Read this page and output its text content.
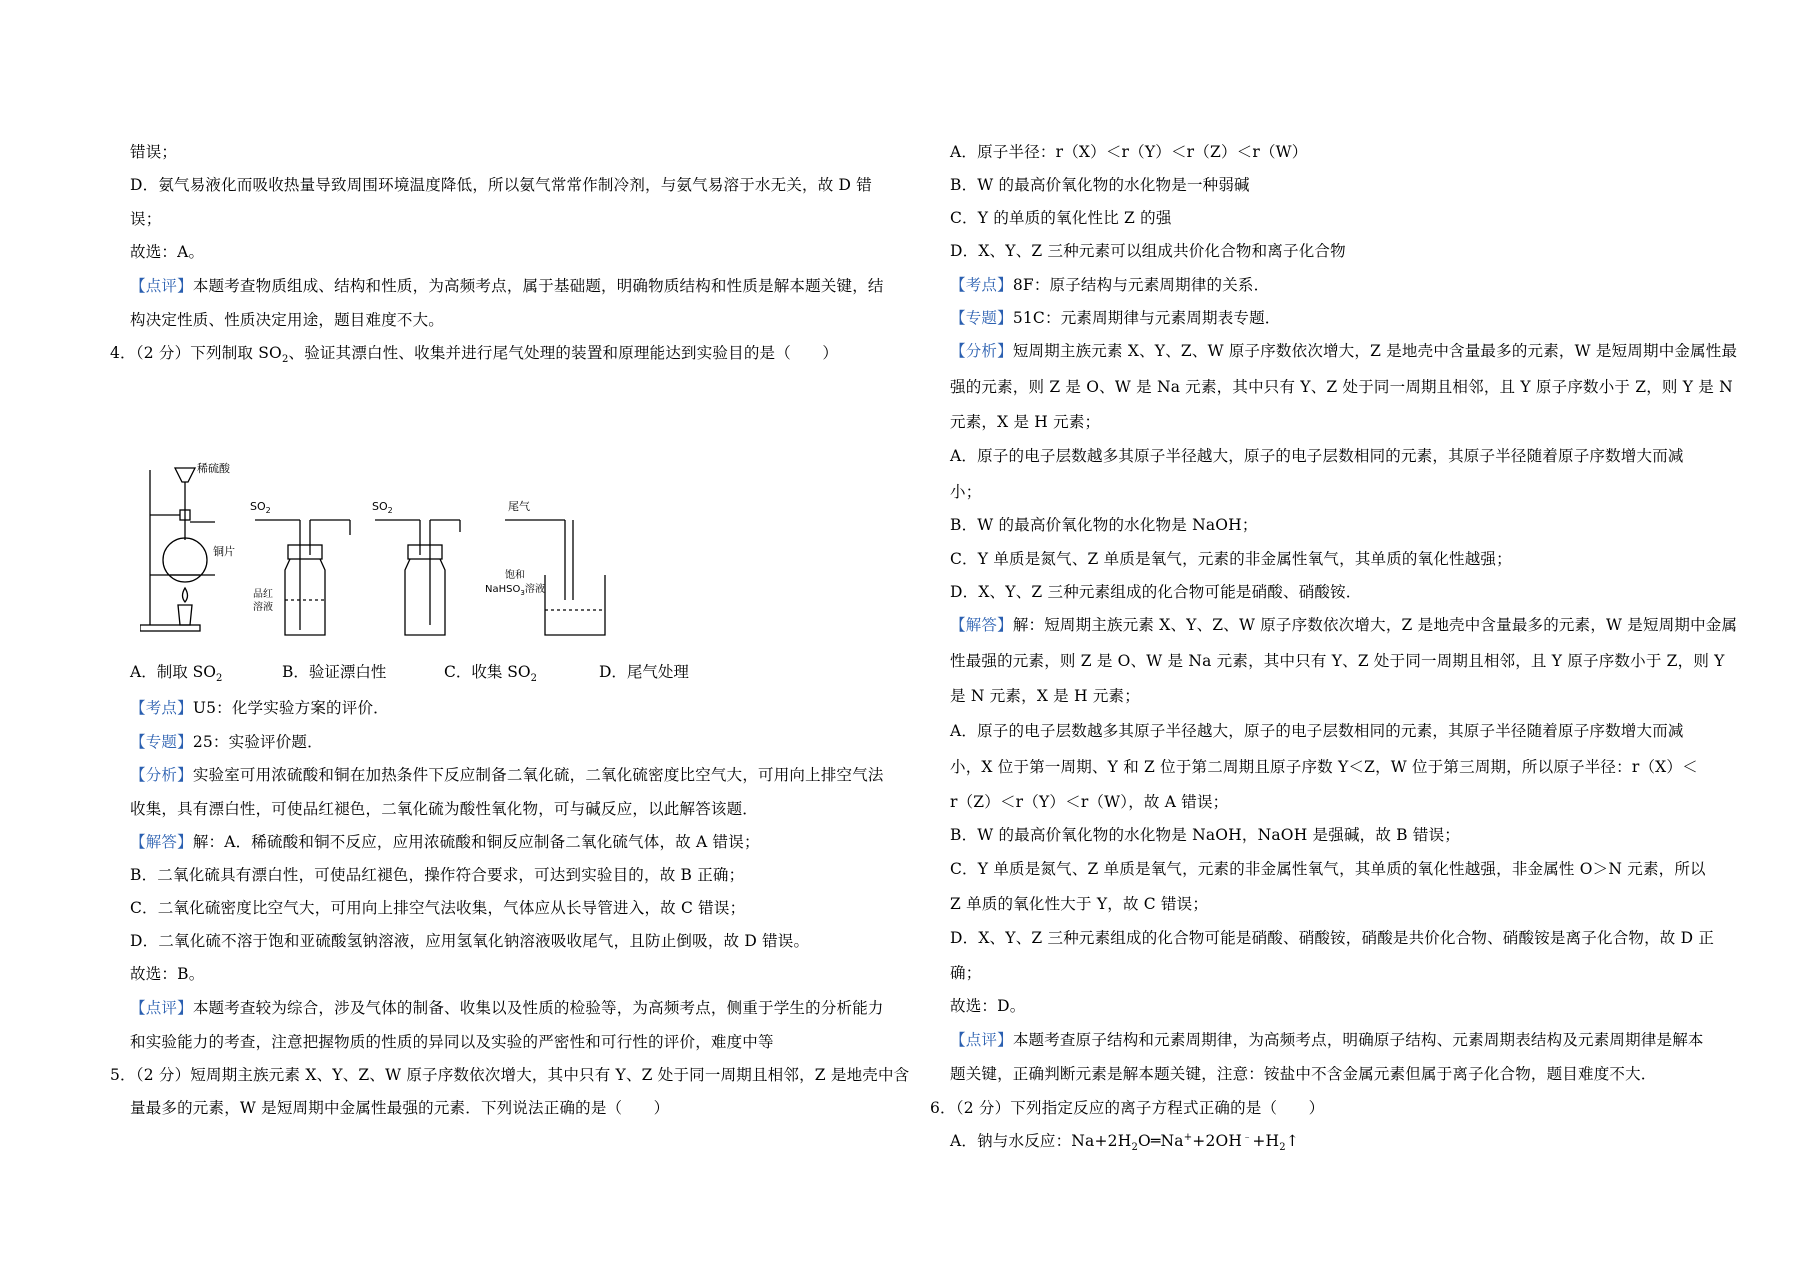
错误；
D．氨气易液化而吸收热量导致周围环境温度降低，所以氨气常常作制冷剂，与氨气易溶于水无关，故 D 错
误；
故选：A。
【点评】本题考查物质组成、结构和性质，为高频考点，属于基础题，明确物质结构和性质是解本题关键，结
构决定性质、性质决定用途，题目难度不大。
4．（2 分）下列制取 $SO_2$、验证其漂白性、收集并进行尾气处理的装置和原理能达到实验目的是（　　）
稀硫酸
铜片
$SO_2$
品红
溶液
$SO_2$	尾气
饱和
NaHSO$_3$溶液
A．制取 $SO_2$	B．验证漂白性	C．收集 $SO_2$	D．尾气处理
【考点】U5：化学实验方案的评价．
【专题】25：实验评价题．
【分析】实验室可用浓硫酸和铜在加热条件下反应制备二氧化硫，二氧化硫密度比空气大，可用向上排空气法
收集，具有漂白性，可使品红褪色，二氧化硫为酸性氧化物，可与碱反应，以此解答该题．
【解答】解：A．稀硫酸和铜不反应，应用浓硫酸和铜反应制备二氧化硫气体，故 A 错误；
B．二氧化硫具有漂白性，可使品红褪色，操作符合要求，可达到实验目的，故 B 正确；
C．二氧化硫密度比空气大，可用向上排空气法收集，气体应从长导管进入，故 C 错误；
D．二氧化硫不溶于饱和亚硫酸氢钠溶液，应用氢氧化钠溶液吸收尾气，且防止倒吸，故 D 错误。
故选：B。
【点评】本题考查较为综合，涉及气体的制备、收集以及性质的检验等，为高频考点，侧重于学生的分析能力
和实验能力的考查，注意把握物质的性质的异同以及实验的严密性和可行性的评价，难度中等
5．（2 分）短周期主族元素 X、Y、Z、W 原子序数依次增大，其中只有 Y、Z 处于同一周期且相邻，Z 是地壳中含
量最多的元素，W 是短周期中金属性最强的元素．下列说法正确的是（　　）
A．原子半径：r（X）＜r（Y）＜r（Z）＜r（W）
B．W 的最高价氧化物的水化物是一种弱碱
C．Y 的单质的氧化性比 Z 的强
D．X、Y、Z 三种元素可以组成共价化合物和离子化合物
【考点】8F：原子结构与元素周期律的关系．
【专题】51C：元素周期律与元素周期表专题．
【分析】短周期主族元素 X、Y、Z、W 原子序数依次增大，Z 是地壳中含量最多的元素，W 是短周期中金属性最
强的元素，则 Z 是 O、W 是 Na 元素，其中只有 Y、Z 处于同一周期且相邻，且 Y 原子序数小于 Z，则 Y 是 N
元素，X 是 H 元素；
A．原子的电子层数越多其原子半径越大，原子的电子层数相同的元素，其原子半径随着原子序数增大而减
小；
B．W 的最高价氧化物的水化物是 NaOH；
C．Y 单质是氮气、Z 单质是氧气，元素的非金属性氧气，其单质的氧化性越强；
D．X、Y、Z 三种元素组成的化合物可能是硝酸、硝酸铵．
【解答】解：短周期主族元素 X、Y、Z、W 原子序数依次增大，Z 是地壳中含量最多的元素，W 是短周期中金属
性最强的元素，则 Z 是 O、W 是 Na 元素，其中只有 Y、Z 处于同一周期且相邻，且 Y 原子序数小于 Z，则 Y
是 N 元素，X 是 H 元素；
A．原子的电子层数越多其原子半径越大，原子的电子层数相同的元素，其原子半径随着原子序数增大而减
小，X 位于第一周期、Y 和 Z 位于第二周期且原子序数 Y＜Z，W 位于第三周期，所以原子半径：r（X）＜
r（Z）＜r（Y）＜r（W），故 A 错误；
B．W 的最高价氧化物的水化物是 NaOH，NaOH 是强碱，故 B 错误；
C．Y 单质是氮气、Z 单质是氧气，元素的非金属性氧气，其单质的氧化性越强，非金属性 O＞N 元素，所以
Z 单质的氧化性大于 Y，故 C 错误；
D．X、Y、Z 三种元素组成的化合物可能是硝酸、硝酸铵，硝酸是共价化合物、硝酸铵是离子化合物，故 D 正
确；
故选：D。
【点评】本题考查原子结构和元素周期律，为高频考点，明确原子结构、元素周期表结构及元素周期律是解本
题关键，正确判断元素是解本题关键，注意：铵盐中不含金属元素但属于离子化合物，题目难度不大．
6．（2 分）下列指定反应的离子方程式正确的是（　　）
A．钠与水反应：$Na+2H_2O═Na^++2OH^﹣+H_2↑$
